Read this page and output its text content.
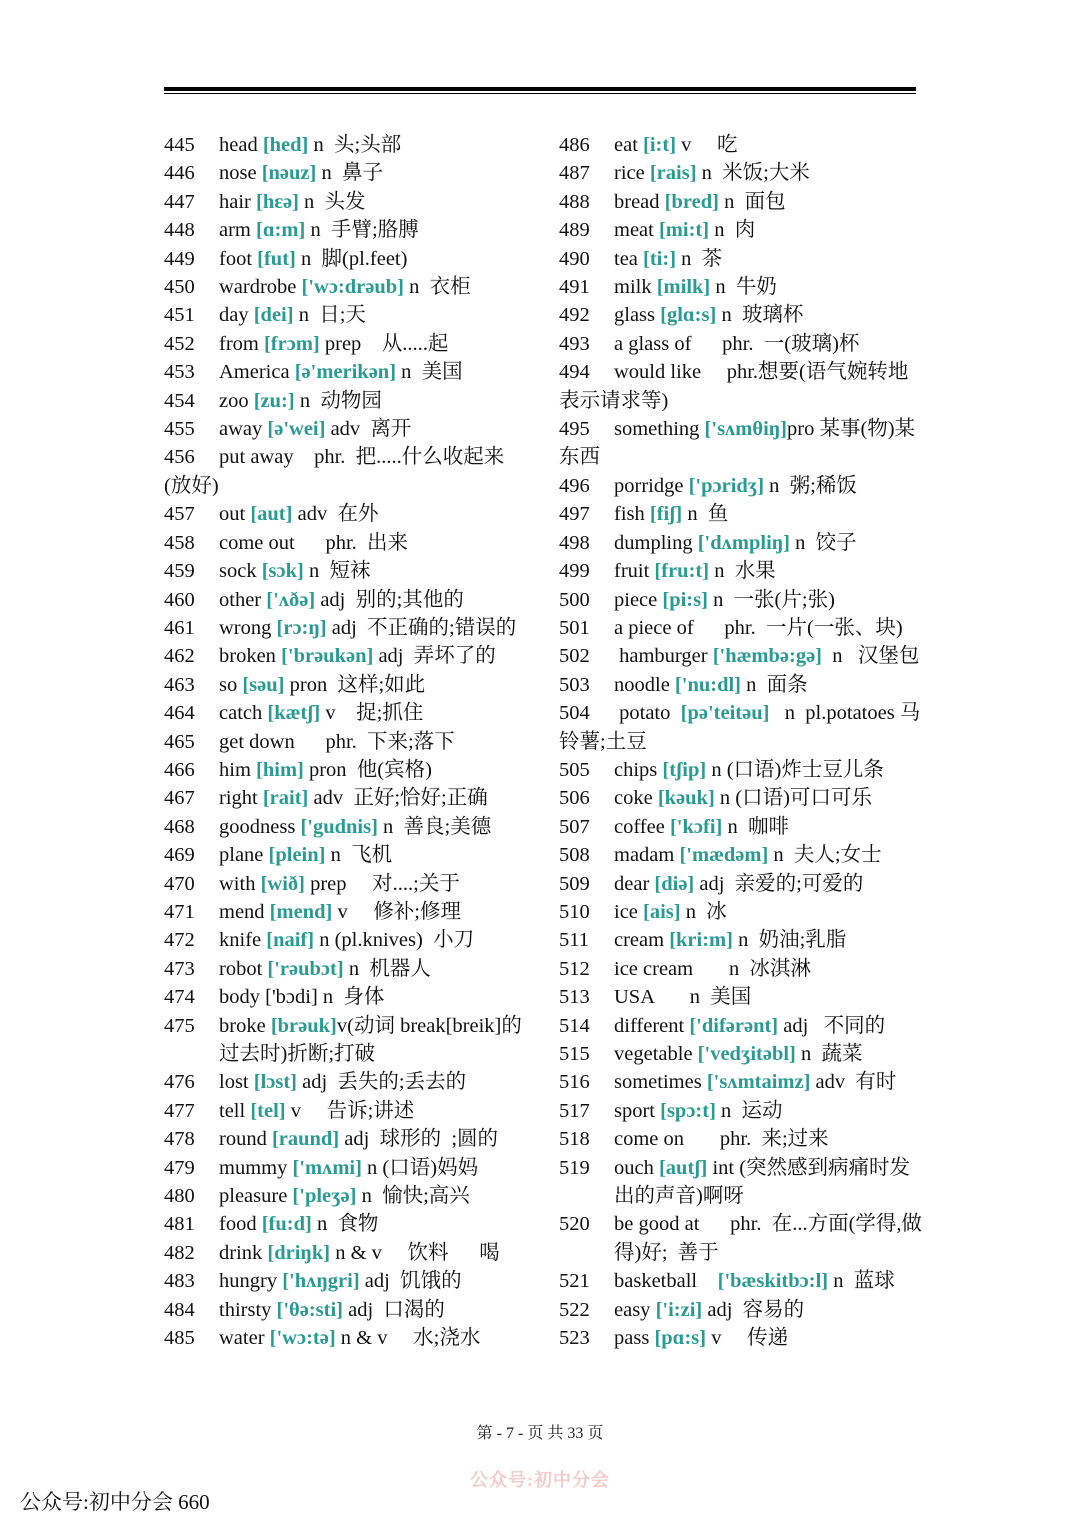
445 head [hed] n  头;头部
446 nose [nəuz] n  鼻子
447 hair [hɛə] n  头发
448 arm [ɑ:m] n  手臂;胳膊
449 foot [fut] n  脚(pl.feet)
450 wardrobe ['wɔ:drəub] n  衣柜
451 day [dei] n  日;天
452 from [frɔm] prep    从.....起
453 America [ə'merikən] n  美国
454 zoo [zu:] n  动物园
455 away [ə'wei] adv  离开
456 put away    phr.  把.....什么收起来(放好)
457 out [aut] adv  在外
458 come out      phr.  出来
459 sock [sɔk] n  短袜
460 other ['ʌðə] adj  别的;其他的
461 wrong [rɔ:ŋ] adj  不正确的;错误的
462 broken ['brəukən] adj  弄坏了的
463 so [səu] pron  这样;如此
464 catch [kætʃ] v    捉;抓住
465 get down      phr.  下来;落下
466 him [him] pron  他(宾格)
467 right [rait] adv  正好;恰好;正确
468 goodness ['gudnis] n  善良;美德
469 plane [plein] n  飞机
470 with [wið] prep     对....;关于
471 mend [mend] v     修补;修理
472 knife [naif] n (pl.knives)  小刀
473 robot ['rəubɔt] n  机器人
474 body ['bɔdi] n  身体
475 broke [brəuk]v(动词 break[breik]的过去时)折断;打破
476 lost [lɔst] adj  丢失的;丢去的
477 tell [tel] v     告诉;讲述
478 round [raund] adj  球形的  ;圆的
479 mummy ['mʌmi] n (口语)妈妈
480 pleasure ['pleʒə] n  愉快;高兴
481 food [fu:d] n  食物
482 drink [driŋk] n & v     饮料      喝
483 hungry ['hʌŋgri] adj  饥饿的
484 thirsty ['θə:sti] adj  口渴的
485 water ['wɔ:tə] n & v     水;浇水
486 eat [i:t] v     吃
487 rice [rais] n  米饭;大米
488 bread [bred] n  面包
489 meat [mi:t] n  肉
490 tea [ti:] n  茶
491 milk [milk] n  牛奶
492 glass [glɑ:s] n  玻璃杯
493 a glass of      phr.  一(玻璃)杯
494 would like     phr.想要(语气婉转地表示请求等)
495 something ['sʌmθiŋ]pro 某事(物)某东西
496 porridge ['pɔridʒ] n  粥;稀饭
497 fish [fiʃ] n  鱼
498 dumpling ['dʌmpliŋ] n  饺子
499 fruit [fru:t] n  水果
500 piece [pi:s] n  一张(片;张)
501 a piece of      phr.  一片(一张、块)
502 hamburger ['hæmbə:gə]  n   汉堡包
503 noodle ['nu:dl] n  面条
504 potato  [pə'teitəu]   n  pl.potatoes 马铃薯;土豆
505 chips [tʃip] n (口语)炸士豆儿条
506 coke [kəuk] n (口语)可口可乐
507 coffee ['kɔfi] n  咖啡
508 madam ['mædəm] n  夫人;女士
509 dear [diə] adj  亲爱的;可爱的
510 ice [ais] n  冰
511 cream [kri:m] n  奶油;乳脂
512 ice cream       n  冰淇淋
513 USA       n  美国
514 different ['difərənt] adj   不同的
515 vegetable ['vedʒitəbl] n  蔬菜
516 sometimes ['sʌmtaimz] adv  有时
517 sport [spɔ:t] n  运动
518 come on       phr.  来;过来
519 ouch [autʃ] int (突然感到病痛时发出的声音)啊呀
520 be good at      phr.  在...方面(学得,做得)好;  善于
521 basketball    ['bæskitbɔ:l] n  蓝球
522 easy ['i:zi] adj  容易的
523 pass [pɑ:s] v     传递
第 - 7 - 页 共 33 页
公众号:初中分会
公众号:初中分会 660
